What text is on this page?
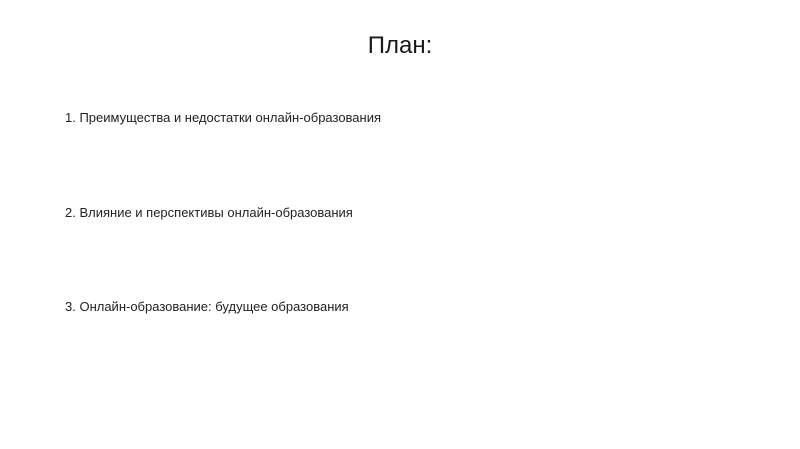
План:
1. Преимущества и недостатки онлайн-образования
2. Влияние и перспективы онлайн-образования
3. Онлайн-образование: будущее образования
